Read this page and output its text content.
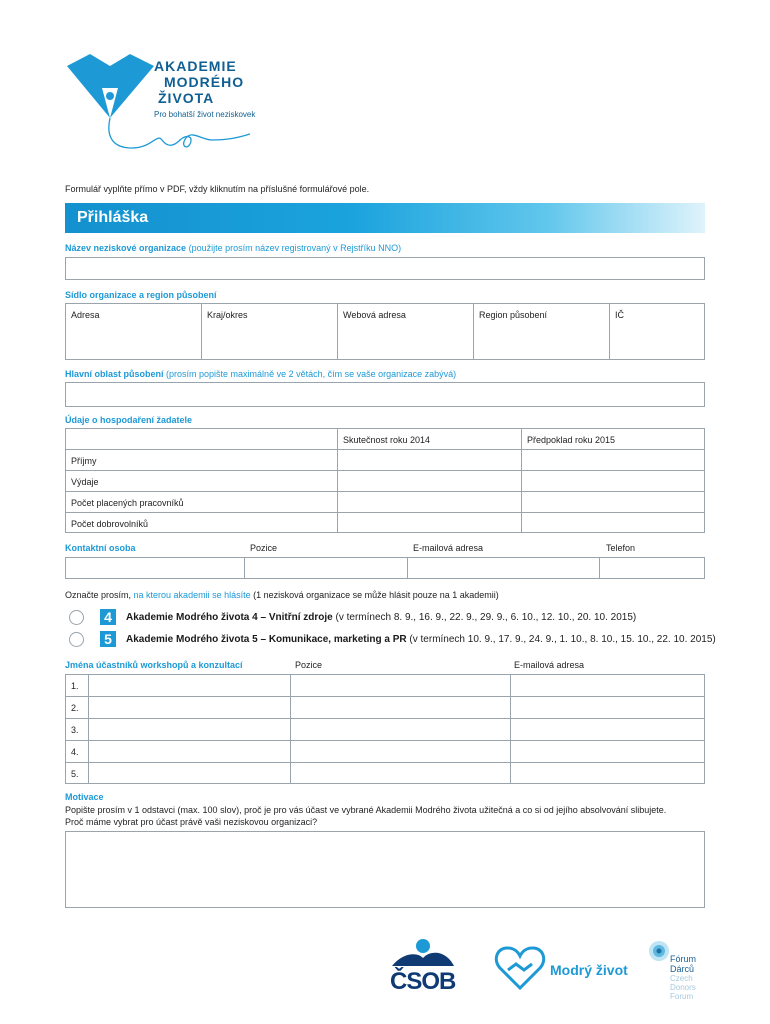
AKADEMIE
MODRÉHO
ŽIVOTA
Pro bohatší život neziskovek
Formulář vyplňte přímo v PDF, vždy kliknutím na příslušné formulářové pole.
Přihláška
Název neziskové organizace (použijte prosím název registrovaný v Rejstříku NNO)
Sídlo organizace a region působení
Adresa	Kraj/okres	Webová adresa	Region působení	IČ
Hlavní oblast působení (prosím popište maximálně ve 2 větách, čím se vaše organizace zabývá)
Údaje o hospodaření žadatele
Skutečnost roku 2014	Předpoklad roku 2015
Příjmy
Výdaje
Počet placených pracovníků
Počet dobrovolníků
Kontaktní osoba	Pozice	E-mailová adresa	Telefon
Označte prosím, na kterou akademii se hlásíte (1 nezisková organizace se může hlásit pouze na 1 akademii)
4	Akademie Modrého života 4 – Vnitřní zdroje (v termínech 8. 9., 16. 9., 22. 9., 29. 9., 6. 10., 12. 10., 20. 10. 2015)
5	Akademie Modrého života 5 – Komunikace, marketing a PR (v termínech 10. 9., 17. 9., 24. 9., 1. 10., 8. 10., 15. 10., 22. 10. 2015)
Jména účastníků workshopů a konzultací	Pozice	E-mailová adresa
1.
2.
3.
4.
5.
Motivace
Popište prosím v 1 odstavci (max. 100 slov), proč je pro vás účast ve vybrané Akademii Modrého života užitečná a co si od jejího absolvování slibujete.
Proč máme vybrat pro účast právě vaši neziskovou organizaci?
ČSOB	Modrý život
Fórum
Dárců
Czech
Donors
Forum
